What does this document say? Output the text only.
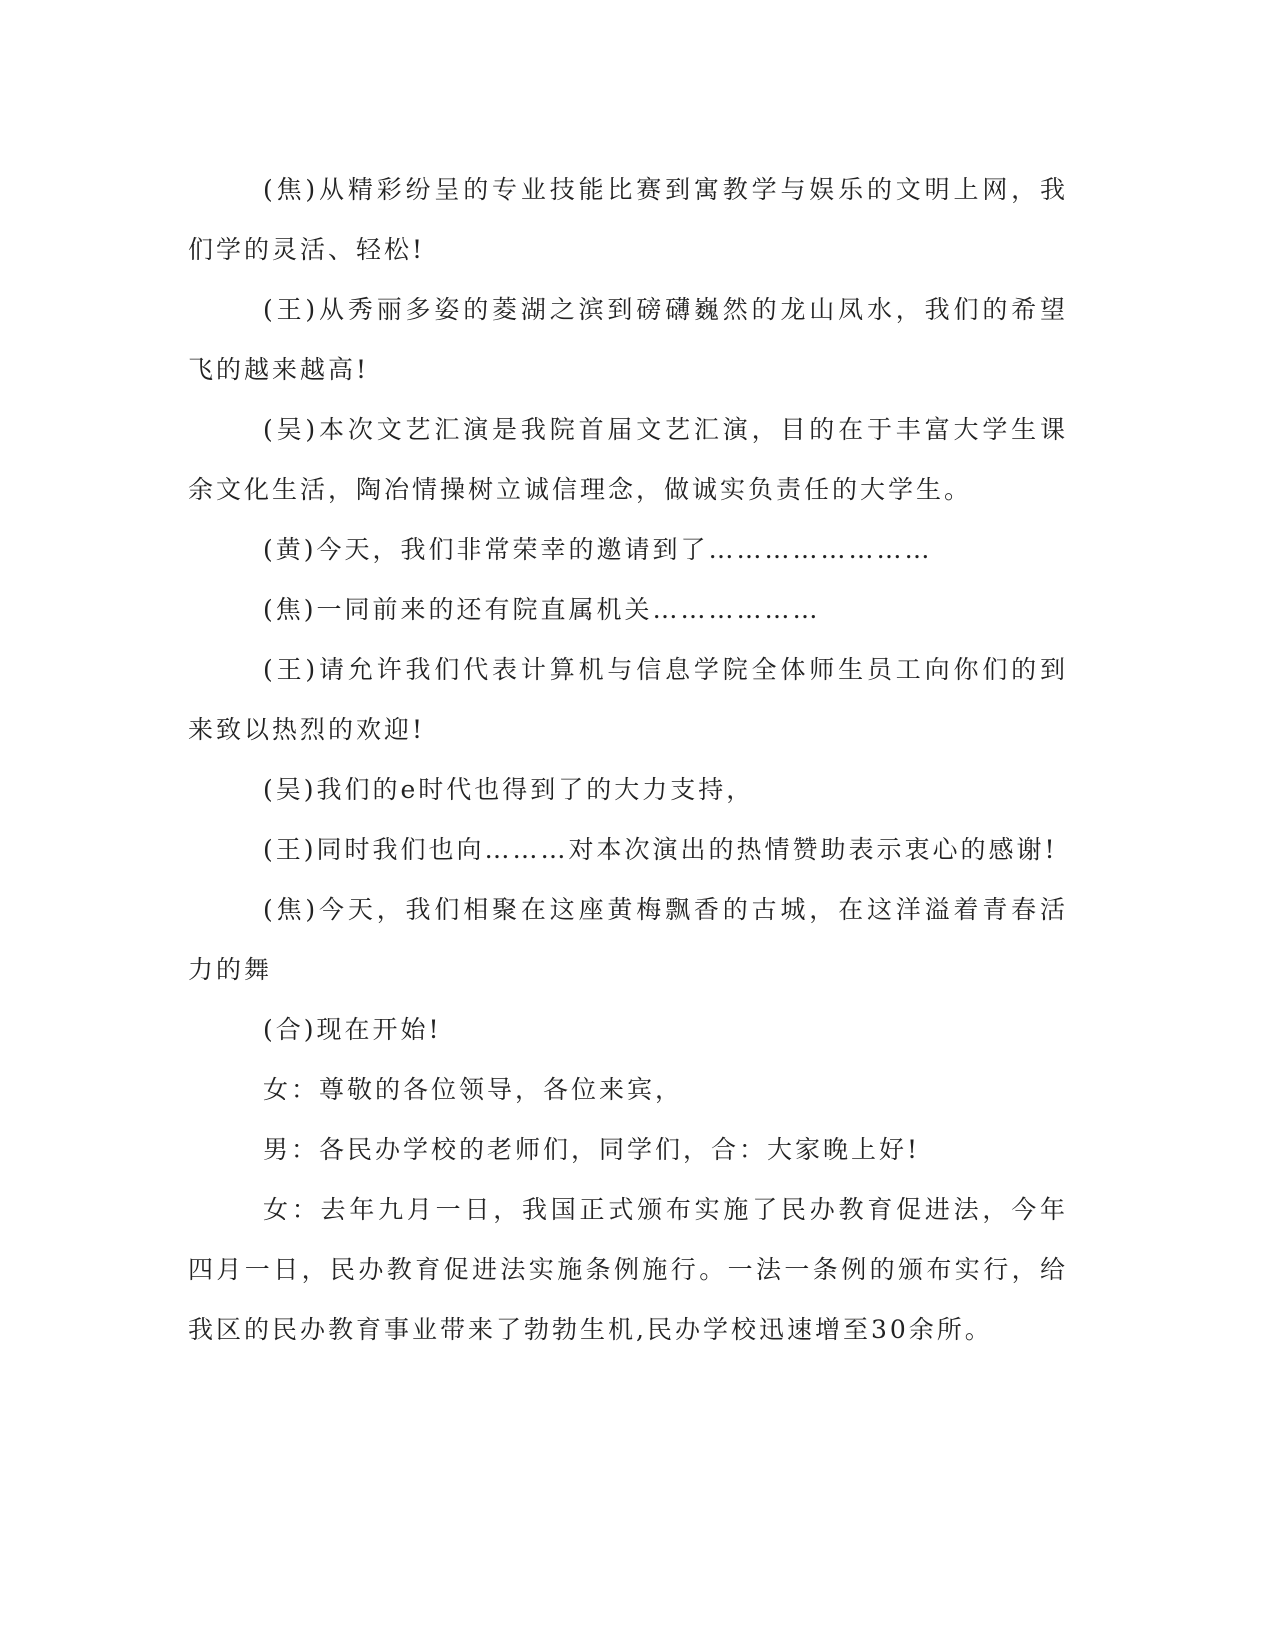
(焦)从精彩纷呈的专业技能比赛到寓教学与娱乐的文明上网，我们学的灵活、轻松!

(王)从秀丽多姿的菱湖之滨到磅礴巍然的龙山凤水，我们的希望飞的越来越高!

(吴)本次文艺汇演是我院首届文艺汇演，目的在于丰富大学生课余文化生活，陶冶情操树立诚信理念，做诚实负责任的大学生。

(黄)今天，我们非常荣幸的邀请到了……………………

(焦)一同前来的还有院直属机关………………

(王)请允许我们代表计算机与信息学院全体师生员工向你们的到来致以热烈的欢迎!

(吴)我们的e时代也得到了的大力支持，

(王)同时我们也向………对本次演出的热情赞助表示衷心的感谢!

(焦)今天，我们相聚在这座黄梅飘香的古城，在这洋溢着青春活力的舞

(合)现在开始!

女：尊敬的各位领导，各位来宾，

男：各民办学校的老师们，同学们，合：大家晚上好!

女：去年九月一日，我国正式颁布实施了民办教育促进法，今年四月一日，民办教育促进法实施条例施行。一法一条例的颁布实行，给我区的民办教育事业带来了勃勃生机,民办学校迅速增至30余所。
